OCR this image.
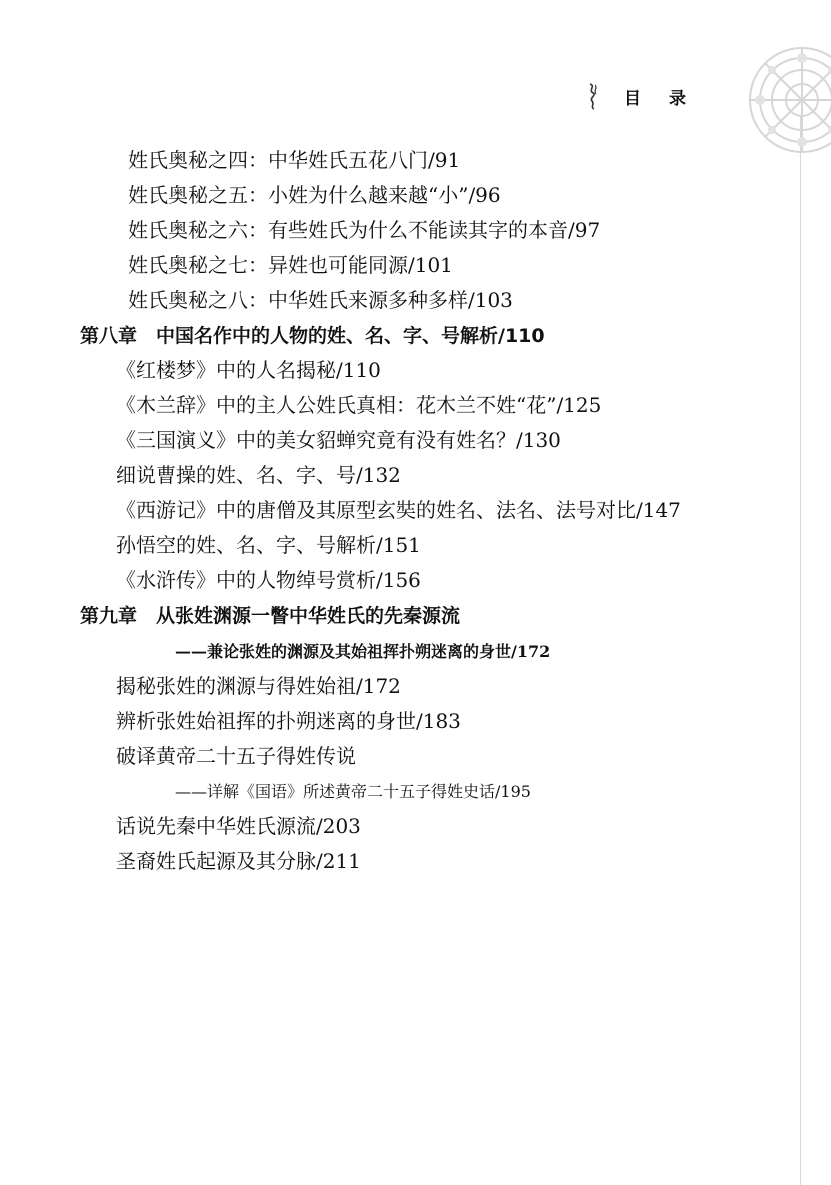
目录
姓氏奥秘之四：中华姓氏五花八门/91
姓氏奥秘之五：小姓为什么越来越“小”/96
姓氏奥秘之六：有些姓氏为什么不能读其字的本音/97
姓氏奥秘之七：异姓也可能同源/101
姓氏奥秘之八：中华姓氏来源多种多样/103
第八章　中国名作中的人物的姓、名、字、号解析/110
《红楼梦》中的人名揭秘/110
《木兰辞》中的主人公姓氏真相：花木兰不姓“花”/125
《三国演义》中的美女貂蝉究竟有没有姓名？/130
细说曹操的姓、名、字、号/132
《西游记》中的唐僧及其原型玄奘的姓名、法名、法号对比/147
孙悟空的姓、名、字、号解析/151
《水浒传》中的人物绰号赏析/156
第九章　从张姓渊源一瞥中华姓氏的先秦源流
——兼论张姓的渊源及其始祖挥扑朔迷离的身世/172
揭秘张姓的渊源与得姓始祖/172
辨析张姓始祖挥的扑朔迷离的身世/183
破译黄帝二十五子得姓传说
——详解《国语》所述黄帝二十五子得姓史话/195
话说先秦中华姓氏源流/203
圣裔姓氏起源及其分脉/211
